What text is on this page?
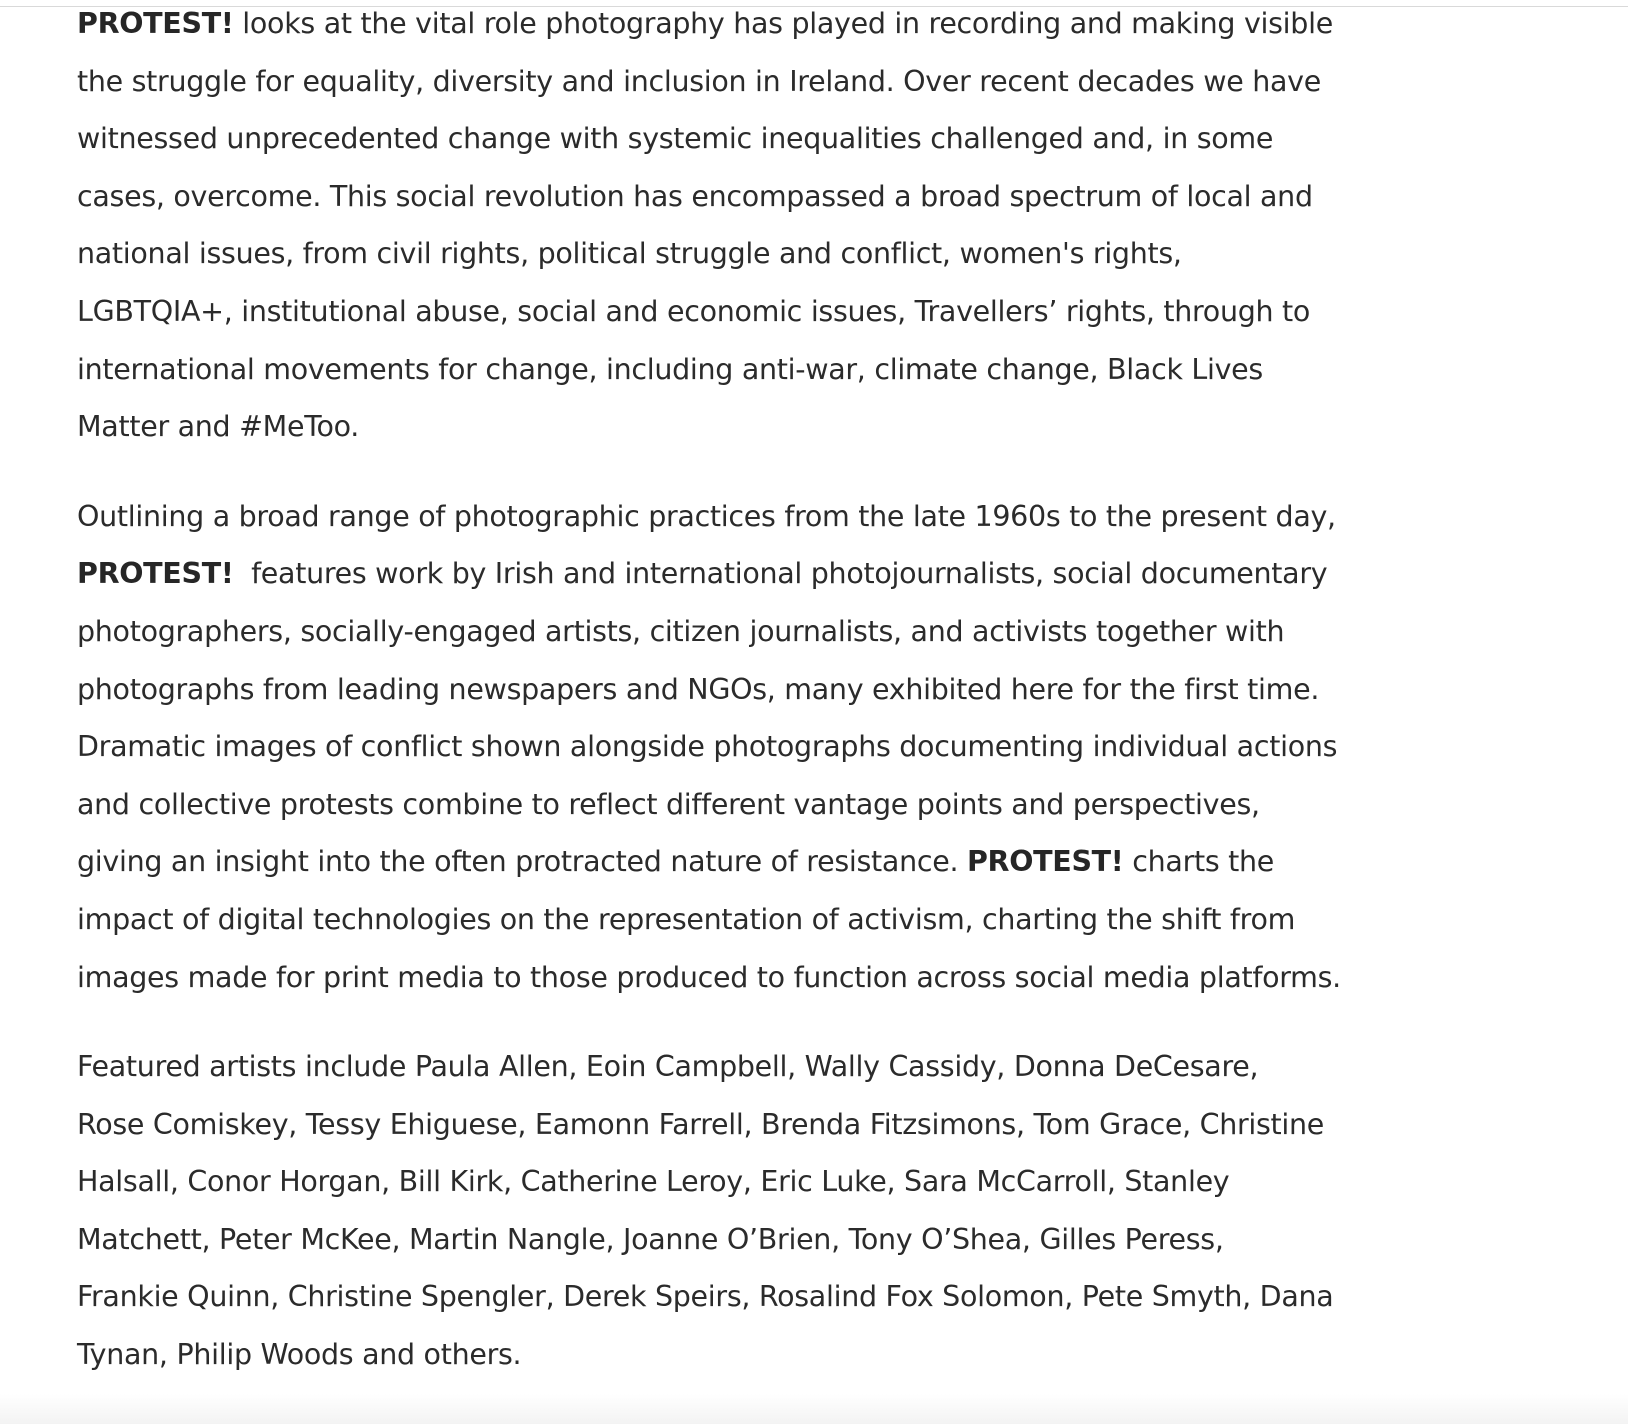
PROTEST! looks at the vital role photography has played in recording and making visible
the struggle for equality, diversity and inclusion in Ireland. Over recent decades we have
witnessed unprecedented change with systemic inequalities challenged and, in some
cases, overcome. This social revolution has encompassed a broad spectrum of local and
national issues, from civil rights, political struggle and conflict, women's rights,
LGBTQIA+, institutional abuse, social and economic issues, Travellers’ rights, through to
international movements for change, including anti-war, climate change, Black Lives
Matter and #MeToo.

Outlining a broad range of photographic practices from the late 1960s to the present day,
PROTEST!  features work by Irish and international photojournalists, social documentary
photographers, socially-engaged artists, citizen journalists, and activists together with
photographs from leading newspapers and NGOs, many exhibited here for the first time.
Dramatic images of conflict shown alongside photographs documenting individual actions
and collective protests combine to reflect different vantage points and perspectives,
giving an insight into the often protracted nature of resistance. PROTEST! charts the
impact of digital technologies on the representation of activism, charting the shift from
images made for print media to those produced to function across social media platforms.

Featured artists include Paula Allen, Eoin Campbell, Wally Cassidy, Donna DeCesare,
Rose Comiskey, Tessy Ehiguese, Eamonn Farrell, Brenda Fitzsimons, Tom Grace, Christine
Halsall, Conor Horgan, Bill Kirk, Catherine Leroy, Eric Luke, Sara McCarroll, Stanley
Matchett, Peter McKee, Martin Nangle, Joanne O’Brien, Tony O’Shea, Gilles Peress,
Frankie Quinn, Christine Spengler, Derek Speirs, Rosalind Fox Solomon, Pete Smyth, Dana
Tynan, Philip Woods and others.
